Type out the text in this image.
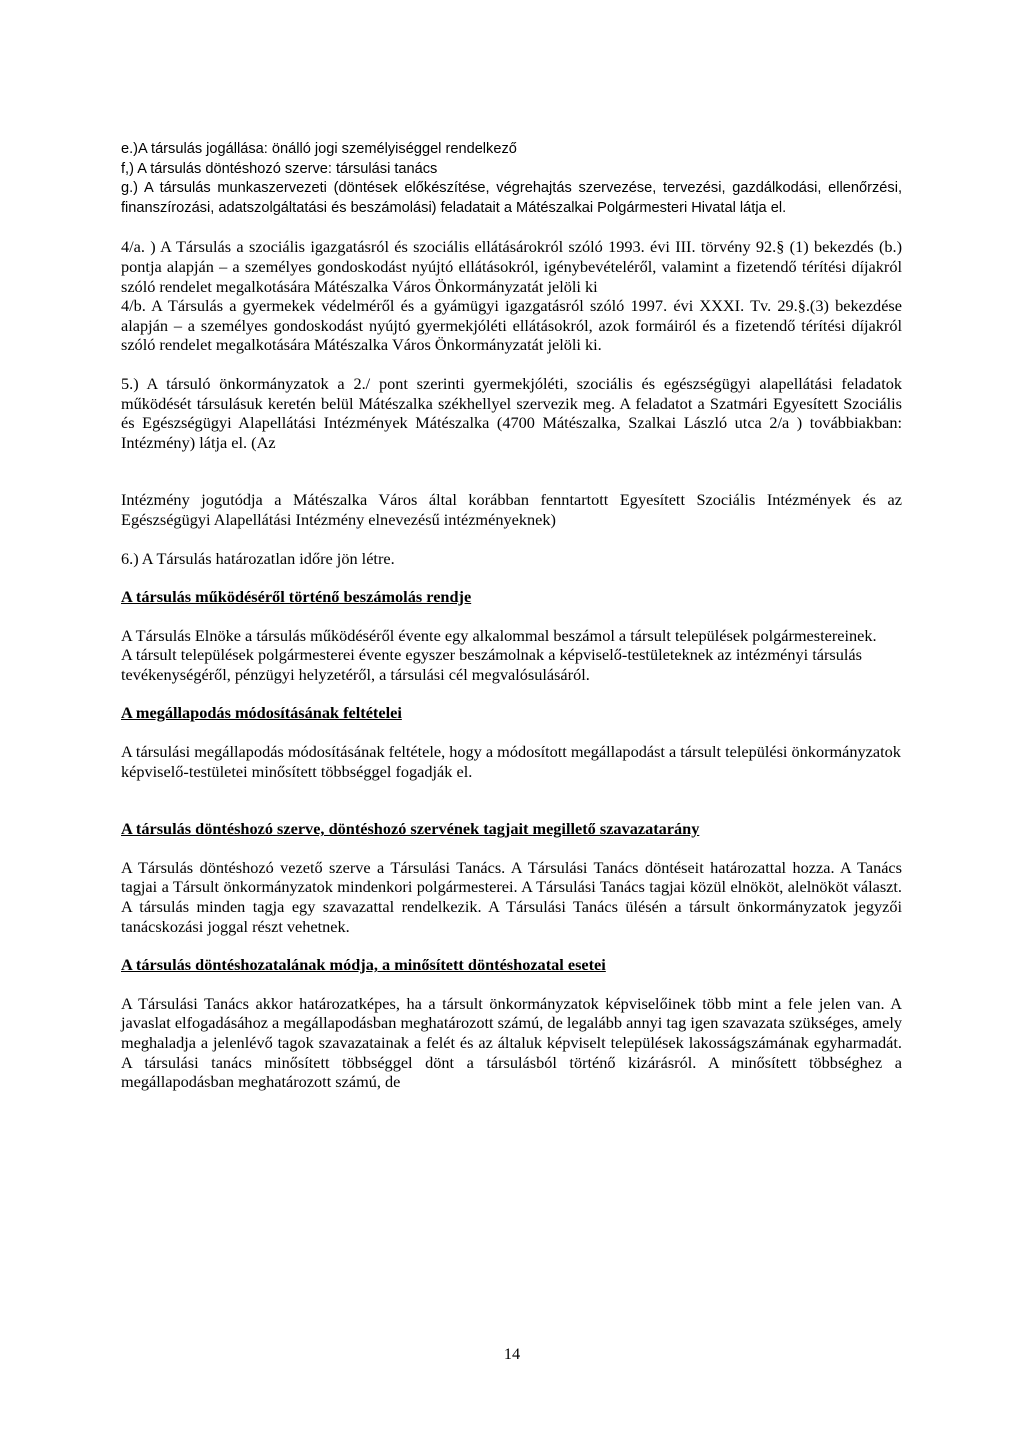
e.)A társulás jogállása: önálló jogi személyiséggel rendelkező

f,) A társulás döntéshozó szerve: társulási tanács

g.) A társulás munkaszervezeti (döntések előkészítése, végrehajtás szervezése, tervezési, gazdálkodási, ellenőrzési, finanszírozási, adatszolgáltatási és beszámolási) feladatait a Mátészalkai Polgármesteri Hivatal látja el.

4/a. ) A Társulás a szociális igazgatásról és szociális ellátásárokról szóló 1993. évi III. törvény 92.§ (1) bekezdés (b.) pontja alapján – a személyes gondoskodást nyújtó ellátásokról, igénybevételéről, valamint a fizetendő térítési díjakról szóló rendelet megalkotására Mátészalka Város Önkormányzatát jelöli ki

4/b. A Társulás a gyermekek védelméről és a gyámügyi igazgatásról szóló 1997. évi XXXI. Tv. 29.§.(3) bekezdése alapján – a személyes gondoskodást nyújtó gyermekjóléti ellátásokról, azok formáiról és a fizetendő térítési díjakról szóló rendelet megalkotására Mátészalka Város Önkormányzatát jelöli ki.

5.) A társuló önkormányzatok a 2./ pont szerinti gyermekjóléti, szociális és egészségügyi alapellátási feladatok működését társulásuk keretén belül Mátészalka székhellyel szervezik meg. A feladatot a Szatmári Egyesített Szociális és Egészségügyi Alapellátási Intézmények Mátészalka (4700 Mátészalka, Szalkai László utca 2/a ) továbbiakban: Intézmény) látja el. (Az

Intézmény jogutódja a Mátészalka Város által korábban fenntartott Egyesített Szociális Intézmények és az Egészségügyi Alapellátási Intézmény elnevezésű intézményeknek)

6.) A Társulás határozatlan időre jön létre.

A társulás működéséről történő beszámolás rendje

A Társulás Elnöke a társulás működéséről évente egy alkalommal beszámol a társult települések polgármestereinek.

A társult települések polgármesterei évente egyszer beszámolnak a képviselő-testületeknek az intézményi társulás tevékenységéről, pénzügyi helyzetéről, a társulási cél megvalósulásáról.

A megállapodás módosításának feltételei

A társulási megállapodás módosításának feltétele, hogy a módosított megállapodást a társult települési önkormányzatok képviselő-testületei minősített többséggel fogadják el.

A társulás döntéshozó szerve, döntéshozó szervének tagjait megillető szavazatarány

A Társulás döntéshozó vezető szerve a Társulási Tanács. A Társulási Tanács döntéseit határozattal hozza. A Tanács tagjai a Társult önkormányzatok mindenkori polgármesterei. A Társulási Tanács tagjai közül elnököt, alelnököt választ. A társulás minden tagja egy szavazattal rendelkezik. A Társulási Tanács ülésén a társult önkormányzatok jegyzői tanácskozási joggal részt vehetnek.

A társulás döntéshozatalának módja, a minősített döntéshozatal esetei

A Társulási Tanács akkor határozatképes, ha a társult önkormányzatok képviselőinek több mint a fele jelen van. A javaslat elfogadásához a megállapodásban meghatározott számú, de legalább annyi tag igen szavazata szükséges, amely meghaladja a jelenlévő tagok szavazatainak a felét és az általuk képviselt települések lakosságszámának egyharmadát. A társulási tanács minősített többséggel dönt a társulásból történő kizárásról. A minősített többséghez a megállapodásban meghatározott számú, de

14
